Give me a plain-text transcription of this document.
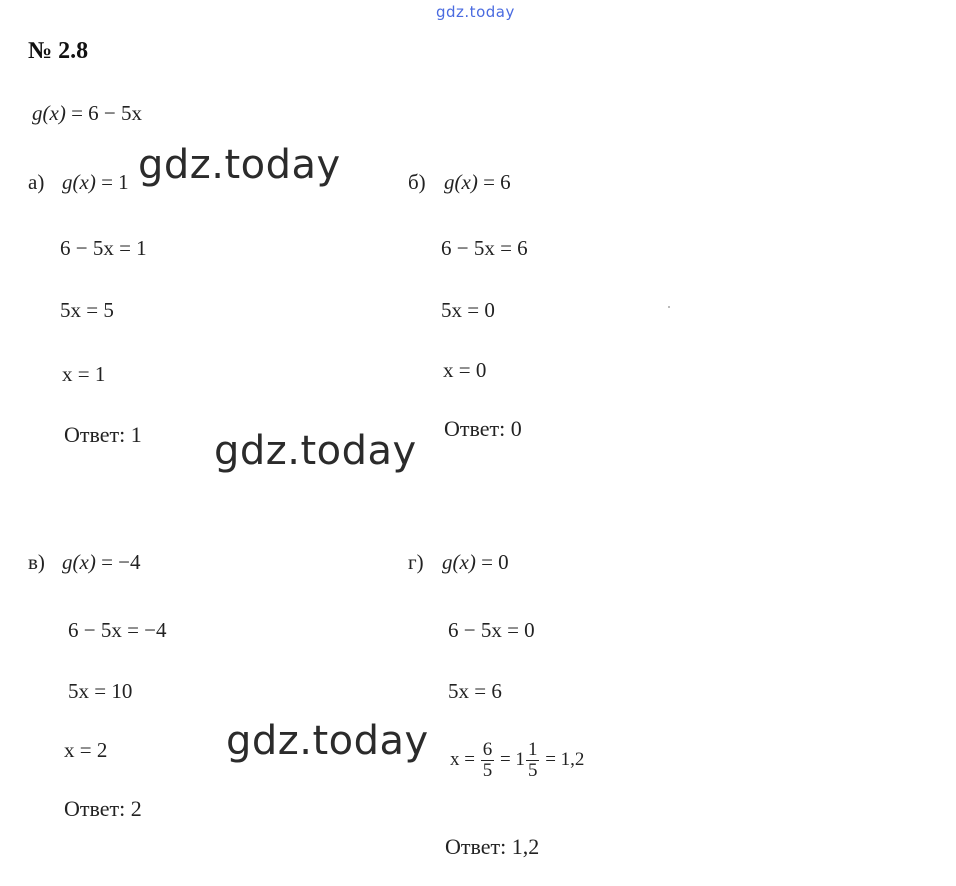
gdz.today
№ 2.8
g(x) = 6 − 5x
а) g(x) = 1
6 − 5x = 1
5x = 5
x = 1
Ответ: 1
б) g(x) = 6
6 − 5x = 6
5x = 0
x = 0
Ответ: 0
в) g(x) = −4
6 − 5x = −4
5x = 10
x = 2
Ответ: 2
г) g(x) = 0
6 − 5x = 0
5x = 6
$x = \frac{6}{5} = 1 \frac{1}{5} = 1,2$
Ответ: 1,2
gdz.today
gdz.today
gdz.today
